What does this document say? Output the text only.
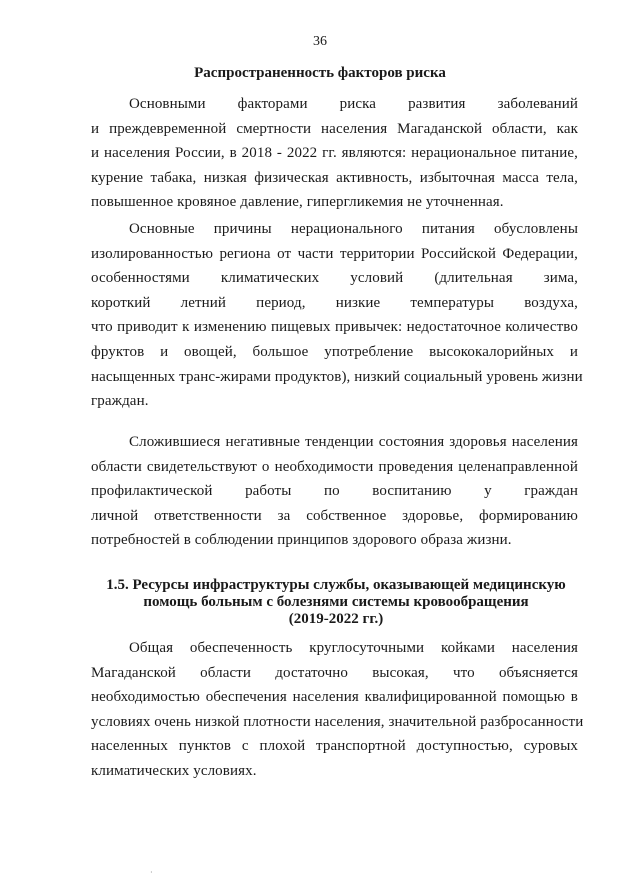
36
Распространенность факторов риска

Основными факторами риска развития заболеваний
и преждевременной смертности населения Магаданской области, как
и населения России, в 2018 - 2022 гг. являются: нерациональное питание,
курение табака, низкая физическая активность, избыточная масса тела,
повышенное кровяное давление, гипергликемия не уточненная.

Основные причины нерационального питания обусловлены
изолированностью региона от части территории Российской Федерации,
особенностями климатических условий (длительная зима,
короткий летний период, низкие температуры воздуха,
что приводит к изменению пищевых привычек: недостаточное количество
фруктов и овощей, большое употребление высококалорийных и
насыщенных транс-жирами продуктов), низкий социальный уровень жизни
граждан.

Сложившиеся негативные тенденции состояния здоровья населения
области свидетельствуют о необходимости проведения целенаправленной
профилактической работы по воспитанию у граждан
личной ответственности за собственное здоровье, формированию
потребностей в соблюдении принципов здорового образа жизни.

1.5. Ресурсы инфраструктуры службы, оказывающей медицинскую
помощь больным с болезнями системы кровообращения
(2019-2022 гг.)

Общая обеспеченность круглосуточными койками населения
Магаданской области достаточно высокая, что объясняется
необходимостью обеспечения населения квалифицированной помощью в
условиях очень низкой плотности населения, значительной разбросанности
населенных пунктов с плохой транспортной доступностью, суровых
климатических условиях.

·
